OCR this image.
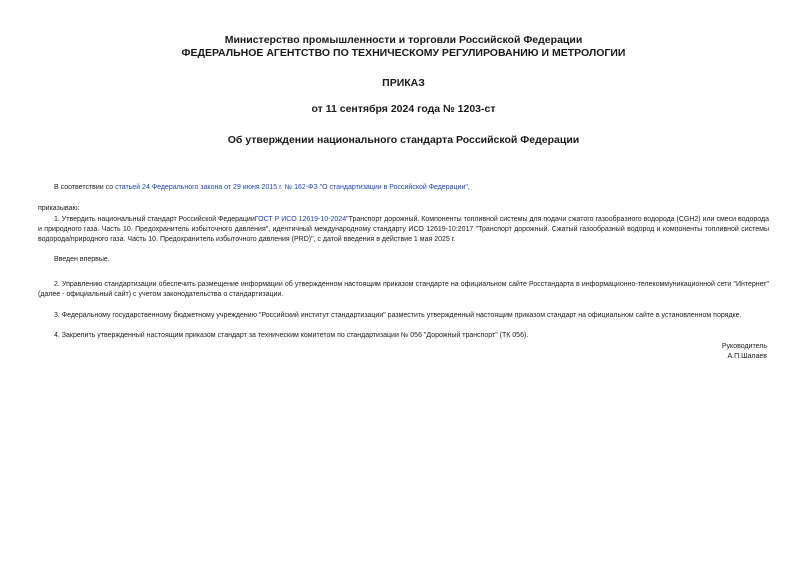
Министерство промышленности и торговли Российской Федерации
ФЕДЕРАЛЬНОЕ АГЕНТСТВО ПО ТЕХНИЧЕСКОМУ РЕГУЛИРОВАНИЮ И МЕТРОЛОГИИ
ПРИКАЗ
от 11 сентября 2024 года № 1203-ст
Об утверждении национального стандарта Российской Федерации

В соответствии со статьей 24 Федерального закона от 29 июня 2015 г. № 162-ФЗ "О стандартизации в Российской Федерации",

приказываю:

1. Утвердить национальный стандарт Российской ФедерацииГОСТ Р ИСО 12619-10-2024"Транспорт дорожный. Компоненты топливной системы для подачи сжатого газообразного водорода (CGH2) или смеси водорода и природного газа. Часть 10. Предохранитель избыточного давления", идентичный международному стандарту ИСО 12619-10:2017 "Транспорт дорожный. Сжатый газообразный водород и компоненты топливной системы водорода/природного газа. Часть 10. Предохранитель избыточного давления (PRD)", с датой введения в действие 1 мая 2025 г.

Введен впервые.

2. Управлению стандартизации обеспечить размещение информации об утвержденном настоящим приказом стандарте на официальном сайте Росстандарта в информационно-телекоммуникационной сети "Интернет" (далее - официальный сайт) с учетом законодательства о стандартизации.

3. Федеральному государственному бюджетному учреждению "Российский институт стандартизации" разместить утвержденный настоящим приказом стандарт на официальном сайте в установленном порядке.

4. Закрепить утвержденный настоящим приказом стандарт за техническим комитетом по стандартизации № 056 "Дорожный транспорт" (ТК 056).

Руководитель
А.П.Шалаев
